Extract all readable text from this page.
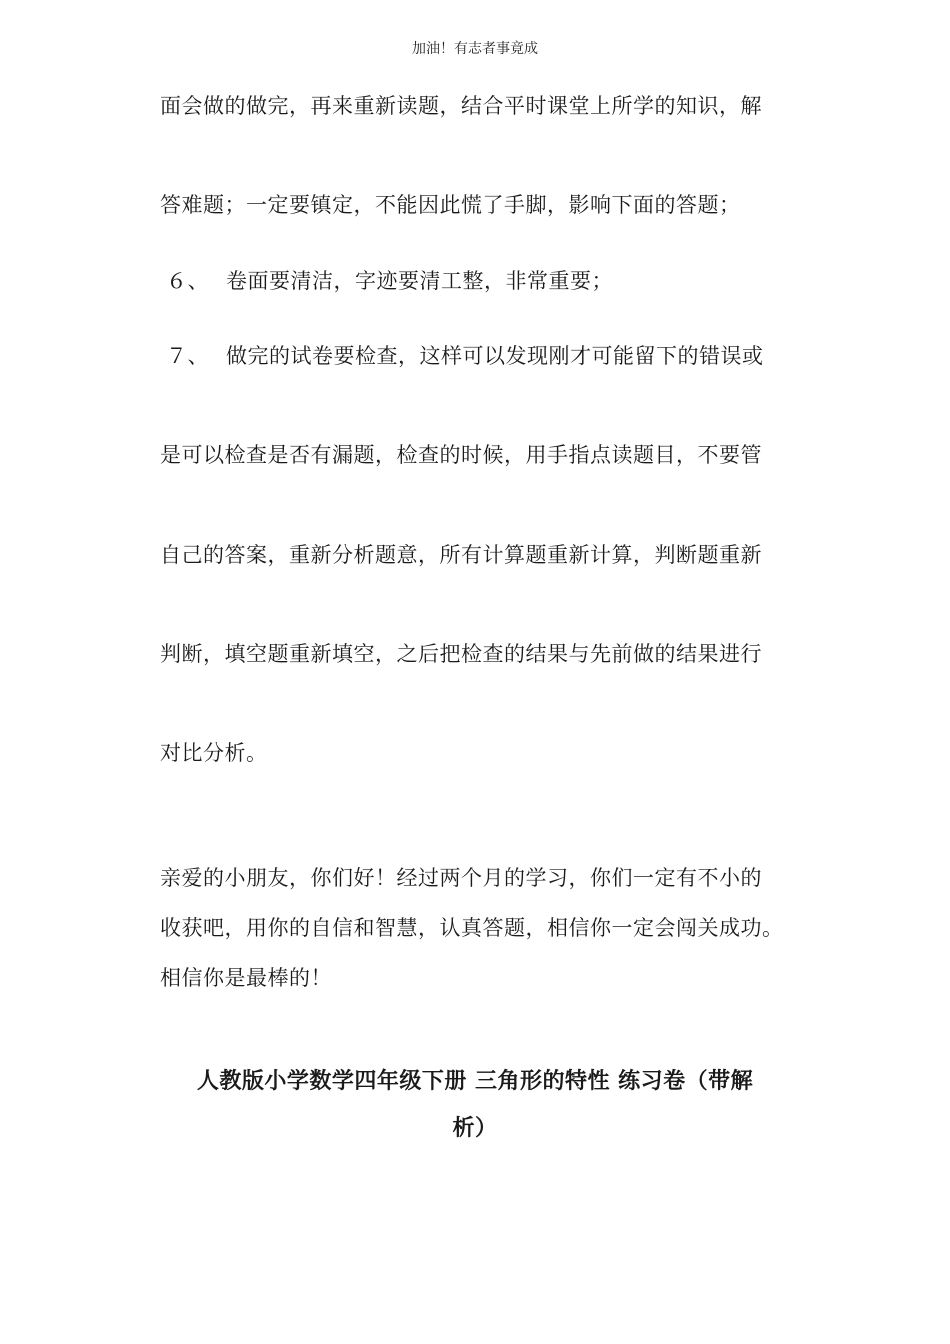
加油！有志者事竟成
面会做的做完，再来重新读题，结合平时课堂上所学的知识，解
答难题；一定要镇定，不能因此慌了手脚，影响下面的答题；
６、 卷面要清洁，字迹要清工整，非常重要；
７、 做完的试卷要检查，这样可以发现刚才可能留下的错误或
是可以检查是否有漏题，检查的时候，用手指点读题目，不要管
自己的答案，重新分析题意，所有计算题重新计算，判断题重新
判断，填空题重新填空，之后把检查的结果与先前做的结果进行
对比分析。
亲爱的小朋友，你们好！经过两个月的学习，你们一定有不小的
收获吧，用你的自信和智慧，认真答题，相信你一定会闯关成功。
相信你是最棒的！
人教版小学数学四年级下册 三角形的特性 练习卷（带解
析）
